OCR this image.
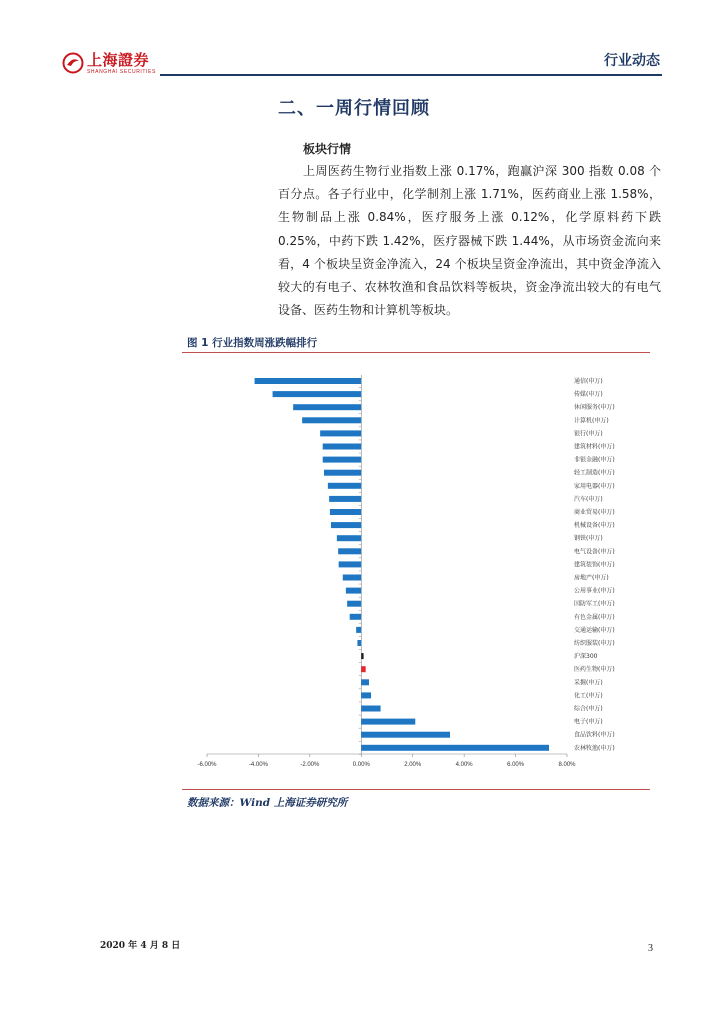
上海證券
SHANGHAI SECURITIES
行业动态
二、一周行情回顾
板块行情
上周医药生物行业指数上涨 0.17%，跑赢沪深 300 指数 0.08 个百分点。各子行业中，化学制剂上涨 1.71%，医药商业上涨 1.58%，生物制品上涨 0.84%，医疗服务上涨 0.12%，化学原料药下跌 0.25%，中药下跌 1.42%，医疗器械下跌 1.44%，从市场资金流向来看，4 个板块呈资金净流入，24 个板块呈资金净流出，其中资金净流入较大的有电子、农林牧渔和食品饮料等板块，资金净流出较大的有电气设备、医药生物和计算机等板块。
图 1 行业指数周涨跌幅排行
-6.00%	-4.00%	-2.00%	0.00%	2.00%	4.00%	6.00%	8.00%
通信(申万)
传媒(申万)
休闲服务(申万)
计算机(申万)
银行(申万)
建筑材料(申万)
非银金融(申万)
轻工制造(申万)
家用电器(申万)
汽车(申万)
商业贸易(申万)
机械设备(申万)
钢铁(申万)
电气设备(申万)
建筑装饰(申万)
房地产(申万)
公用事业(申万)
国防军工(申万)
有色金属(申万)
交通运输(申万)
纺织服装(申万)
沪深300
医药生物(申万)
采掘(申万)
化工(申万)
综合(申万)
电子(申万)
食品饮料(申万)
农林牧渔(申万)
数据来源：Wind 上海证券研究所
2020 年 4 月 8 日	3
